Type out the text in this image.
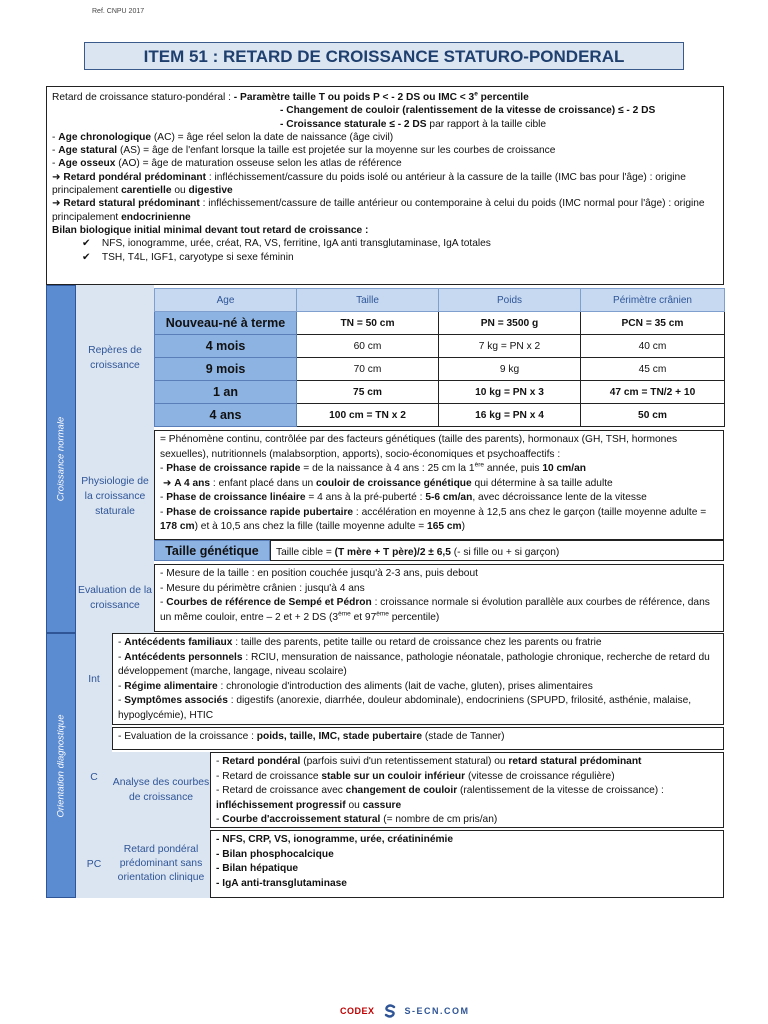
Ref. CNPU 2017
ITEM 51 : RETARD DE CROISSANCE STATURO-PONDERAL

Retard de croissance staturo-pondéral : - Paramètre taille T ou poids P < - 2 DS ou IMC < $3^e$ percentile

- Changement de couloir (ralentissement de la vitesse de croissance) ≤ - 2 DS

- Croissance staturale ≤ - 2 DS par rapport à la taille cible

- Age chronologique (AC) = âge réel selon la date de naissance (âge civil)

- Age statural (AS) = âge de l'enfant lorsque la taille est projetée sur la moyenne sur les courbes de croissance

- Age osseux (AO) = âge de maturation osseuse selon les atlas de référence

➜ Retard pondéral prédominant : infléchissement/cassure du poids isolé ou antérieur à la cassure de la taille (IMC bas pour l'âge) : origine principalement carentielle ou digestive

➜ Retard statural prédominant : infléchissement/cassure de taille antérieur ou contemporaine à celui du poids (IMC normal pour l'âge) : origine principalement endocrinienne

Bilan biologique initial minimal devant tout retard de croissance :

✔ NFS, ionogramme, urée, créat, RA, VS, ferritine, IgA anti transglutaminase, IgA totales

✔ TSH, T4L, IGF1, caryotype si sexe féminin

Croissance normale
Orientation diagnostique
Repères de croissance
Age	Taille	Poids	Périmètre crânien
Nouveau-né à terme	TN = 50 cm	PN = 3500 g	PCN = 35 cm
4 mois	60 cm	7 kg = PN x 2	40 cm
9 mois	70 cm	9 kg	45 cm
1 an	75 cm	10 kg = PN x 3	47 cm = TN/2 + 10
4 ans	100 cm = TN x 2	16 kg = PN x 4	50 cm
Physiologie de la croissance staturale

= Phénomène continu, contrôlée par des facteurs génétiques (taille des parents), hormonaux (GH, TSH, hormones sexuelles), nutritionnels (malabsorption, apports), socio-économiques et psychoaffectifs :

- Phase de croissance rapide = de la naissance à 4 ans : 25 cm la 1ère année, puis 10 cm/an

➜ A 4 ans : enfant placé dans un couloir de croissance génétique qui détermine à sa taille adulte

- Phase de croissance linéaire = 4 ans à la pré-puberté : 5-6 cm/an, avec décroissance lente de la vitesse

- Phase de croissance rapide pubertaire : accélération en moyenne à 12,5 ans chez le garçon (taille moyenne adulte = 178 cm) et à 10,5 ans chez la fille (taille moyenne adulte = 165 cm)

Taille génétique	Taille cible = (T mère + T père)/2 ± 6,5 (- si fille ou + si garçon)
Evaluation de la croissance

- Mesure de la taille : en position couchée jusqu'à 2-3 ans, puis debout

- Mesure du périmètre crânien : jusqu'à 4 ans

- Courbes de référence de Sempé et Pédron : croissance normale si évolution parallèle aux courbes de référence, dans un même couloir, entre – 2 et + 2 DS (3ème et 97ème percentile)

Int

- Antécédents familiaux : taille des parents, petite taille ou retard de croissance chez les parents ou fratrie

- Antécédents personnels : RCIU, mensuration de naissance, pathologie néonatale, pathologie chronique, recherche de retard du développement (marche, langage, niveau scolaire)

- Régime alimentaire : chronologie d'introduction des aliments (lait de vache, gluten), prises alimentaires

- Symptômes associés : digestifs (anorexie, diarrhée, douleur abdominale), endocriniens (SPUPD, frilosité, asthénie, malaise, hypoglycémie), HTIC

C
- Evaluation de la croissance : poids, taille, IMC, stade pubertaire (stade de Tanner)
Analyse des courbes de croissance

- Retard pondéral (parfois suivi d'un retentissement statural) ou retard statural prédominant

- Retard de croissance stable sur un couloir inférieur (vitesse de croissance régulière)

- Retard de croissance avec changement de couloir (ralentissement de la vitesse de croissance) : infléchissement progressif ou cassure

- Courbe d'accroissement statural (= nombre de cm pris/an)

PC
Retard pondéral prédominant sans orientation clinique

- NFS, CRP, VS, ionogramme, urée, créatininémie

- Bilan phosphocalcique

- Bilan hépatique

- IgA anti-transglutaminase

CODEX	S-ECN.COM
